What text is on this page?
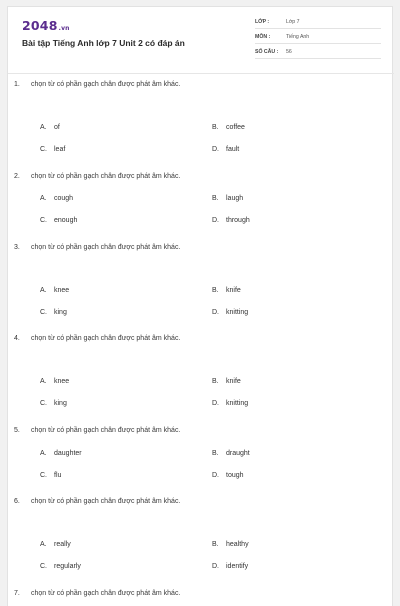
2048.vn
Bài tập Tiếng Anh lớp 7 Unit 2 có đáp án
LỚP :	Lớp 7
MÔN :	Tiếng Anh
SỐ CÂU : 56
1. chọn từ có phần gạch chân được phát âm khác.
A. of	B. coffee
C. leaf	D. fault
2. chọn từ có phần gạch chân được phát âm khác.
A. cough	B. laugh
C. enough	D. through
3. chọn từ có phần gạch chân được phát âm khác.
A. knee	B. knife
C. king	D. knitting
4. chọn từ có phần gạch chân được phát âm khác.
A. knee	B. knife
C. king	D. knitting
5. chọn từ có phần gạch chân được phát âm khác.
A. daughter	B. draught
C. flu	D. tough
6. chọn từ có phần gạch chân được phát âm khác.
A. really	B. healthy
C. regularly	D. identify
7. chọn từ có phần gạch chân được phát âm khác.
